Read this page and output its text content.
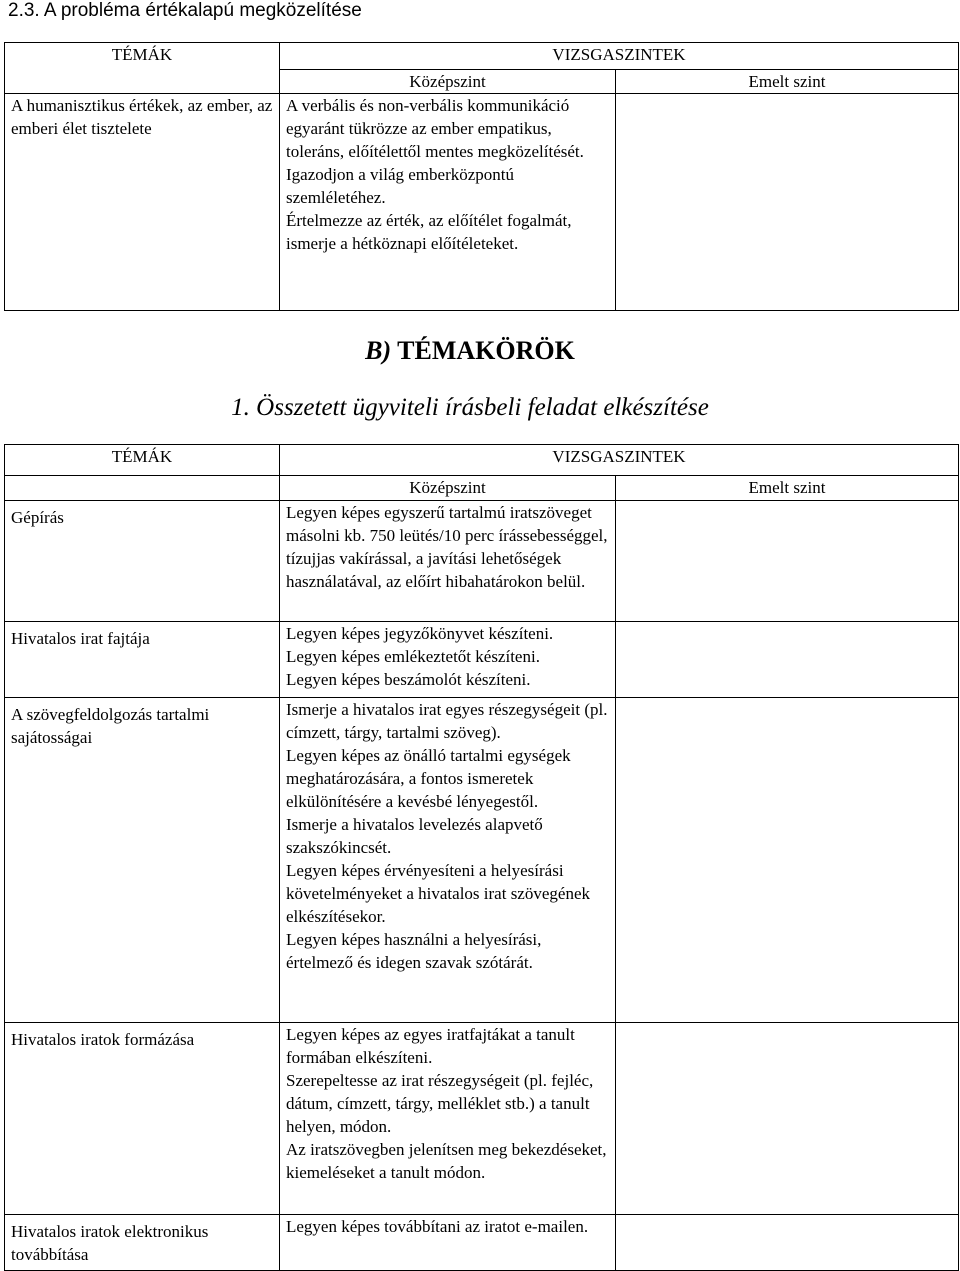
2.3. A probléma értékalapú megközelítése
TÉMÁK	VIZSGASZINTEK	
	Középszint	Emelt szint
A humanisztikus értékek, az ember, az emberi élet tisztelete	A verbális és non-verbális kommunikáció egyaránt tükrözze az ember empatikus, toleráns, előítélettől mentes megközelítését.

Igazodjon a világ emberközpontú szemléletéhez.

Értelmezze az érték, az előítélet fogalmát, ismerje a hétköznapi előítéleteket.	

B) TÉMAKÖRÖK
1. Összetett ügyviteli írásbeli feladat elkészítése
TÉMÁK	VIZSGASZINTEK	
	Középszint	Emelt szint
Gépírás	Legyen képes egyszerű tartalmú iratszöveget másolni kb. 750 leütés/10 perc írássebességgel, tízujjas vakírással, a javítási lehetőségek használatával, az előírt hibahatárokon belül.	

Hivatalos irat fajtája	Legyen képes jegyzőkönyvet készíteni.

Legyen képes emlékeztetőt készíteni.

Legyen képes beszámolót készíteni.	

A szövegfeldolgozás tartalmi sajátosságai	Ismerje a hivatalos irat egyes részegységeit (pl. címzett, tárgy, tartalmi szöveg).

Legyen képes az önálló tartalmi egységek meghatározására, a fontos ismeretek elkülönítésére a kevésbé lényegestől.

Ismerje a hivatalos levelezés alapvető szakszókincsét.

Legyen képes érvényesíteni a helyesírási követelményeket a hivatalos irat szövegének elkészítésekor.

Legyen képes használni a helyesírási, értelmező és idegen szavak szótárát.	

Hivatalos iratok formázása	Legyen képes az egyes iratfajtákat a tanult formában elkészíteni.

Szerepeltesse az irat részegységeit (pl. fejléc, dátum, címzett, tárgy, melléklet stb.) a tanult helyen, módon.

Az iratszövegben jelenítsen meg bekezdéseket, kiemeléseket a tanult módon.	

Hivatalos iratok elektronikus továbbítása	Legyen képes továbbítani az iratot e-mailen.	
